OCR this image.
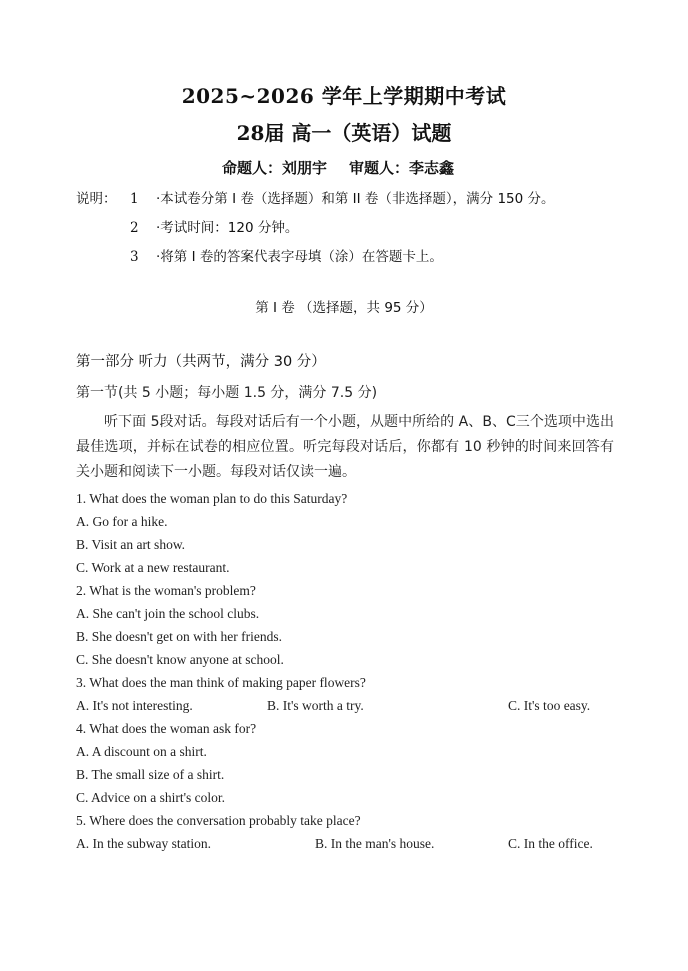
2025~2026 学年上学期期中考试
28届 高一（英语）试题
命题人：刘朋宇 审题人：李志鑫
说明： 1 ·本试卷分第 I 卷（选择题）和第 II 卷（非选择题），满分 150 分。
2 ·考试时间：120 分钟。
3 ·将第 I 卷的答案代表字母填（涂）在答题卡上。
第 I 卷 （选择题，共 95 分）
第一部分 听力（共两节，满分 30 分）
第一节(共 5 小题；每小题 1.5 分，满分 7.5 分)

听下面 5段对话。每段对话后有一个小题，从题中所给的 A、B、C三个选项中选出最佳选项，并标在试卷的相应位置。听完每段对话后，你都有 10 秒钟的时间来回答有关小题和阅读下一小题。每段对话仅读一遍。

1. What does the woman plan to do this Saturday?
A. Go for a hike.
B. Visit an art show.
C. Work at a new restaurant.
2. What is the woman's problem?
A. She can't join the school clubs.
B. She doesn't get on with her friends.
C. She doesn't know anyone at school.
3. What does the man think of making paper flowers?
A. It's not interesting.	B. It's worth a try.	C. It's too easy.
4. What does the woman ask for?
A. A discount on a shirt.
B. The small size of a shirt.
C. Advice on a shirt's color.
5. Where does the conversation probably take place?
A. In the subway station.	B. In the man's house.	C. In the office.
